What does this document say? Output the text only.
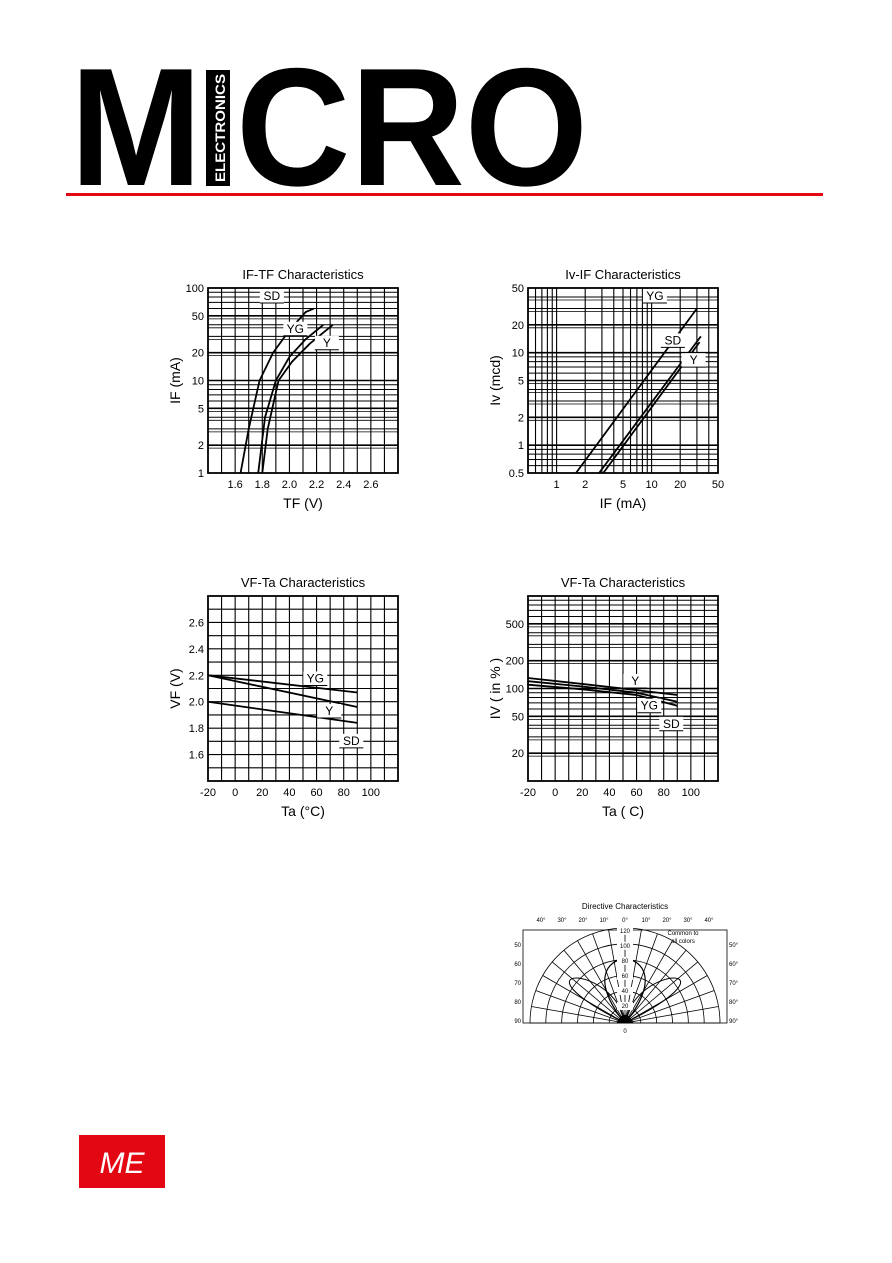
M ELECTRONICS CRO
IF-TF Characteristics
1.6 1.8 2.0 2.2 2.4 2.6
1
2
5
10
20
50
100
TF (V)
IF (mA)
SD
YG
Y
Iv-IF Characteristics
1 2	5 10 20 50
0.5
1
2
5
10
20
50
IF (mA)
Iv (mcd)
YG
SD
Y
VF-Ta Characteristics
-20 0 20 40 60 80 100
1.6
1.8
2.0
2.2
2.4
2.6
Ta (°C)
VF (V)	YG
Y
SD
VF-Ta Characteristics
-20 0 20 40 60 80 100
20
50
100
200
500
Ta ( C)
IV ( in % )	Y
YG
SD
Directive Characteristics
40° 30° 20° 10° 0° 10° 20° 30° 40°
50
60
70
80
90
50°
60°
70°
80°
90°
120
100
80
60
40
20
0
Common to
all colors
ME
